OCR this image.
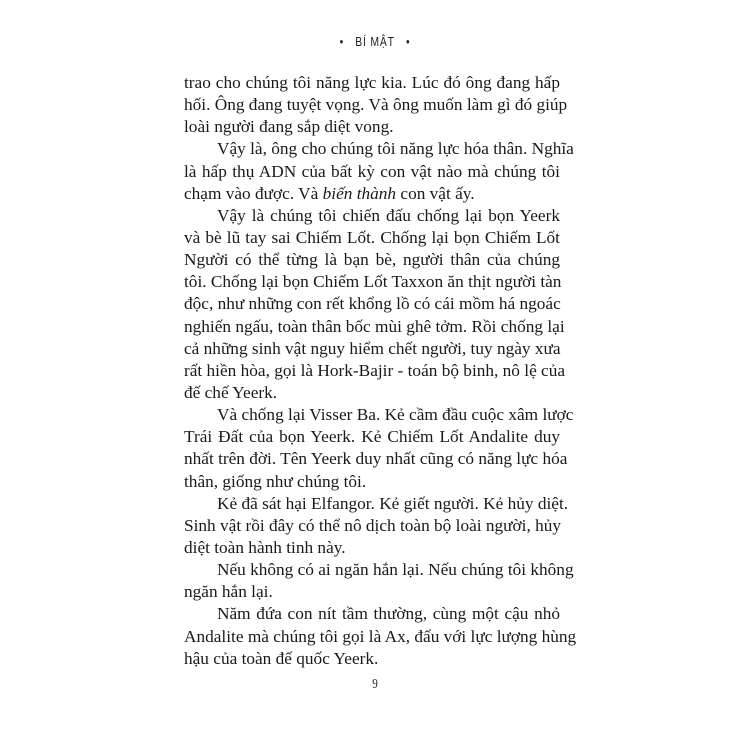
• BÍ MẬT •
trao cho chúng tôi năng lực kia. Lúc đó ông đang hấp
hối. Ông đang tuyệt vọng. Và ông muốn làm gì đó giúp
loài người đang sắp diệt vong.
Vậy là, ông cho chúng tôi năng lực hóa thân. Nghĩa
là hấp thụ ADN của bất kỳ con vật nào mà chúng tôi
chạm vào được. Và biến thành con vật ấy.
Vậy là chúng tôi chiến đấu chống lại bọn Yeerk
và bè lũ tay sai Chiếm Lốt. Chống lại bọn Chiếm Lốt
Người có thể từng là bạn bè, người thân của chúng
tôi. Chống lại bọn Chiếm Lốt Taxxon ăn thịt người tàn
độc, như những con rết khổng lồ có cái mồm há ngoác
nghiến ngấu, toàn thân bốc mùi ghê tởm. Rồi chống lại
cả những sinh vật nguy hiểm chết người, tuy ngày xưa
rất hiền hòa, gọi là Hork-Bajir - toán bộ binh, nô lệ của
đế chế Yeerk.
Và chống lại Visser Ba. Kẻ cầm đầu cuộc xâm lược
Trái Đất của bọn Yeerk. Kẻ Chiếm Lốt Andalite duy
nhất trên đời. Tên Yeerk duy nhất cũng có năng lực hóa
thân, giống như chúng tôi.
Kẻ đã sát hại Elfangor. Kẻ giết người. Kẻ hủy diệt.
Sinh vật rồi đây có thể nô dịch toàn bộ loài người, hủy
diệt toàn hành tinh này.
Nếu không có ai ngăn hắn lại. Nếu chúng tôi không
ngăn hắn lại.
Năm đứa con nít tầm thường, cùng một cậu nhỏ
Andalite mà chúng tôi gọi là Ax, đấu với lực lượng hùng
hậu của toàn đế quốc Yeerk.
9
